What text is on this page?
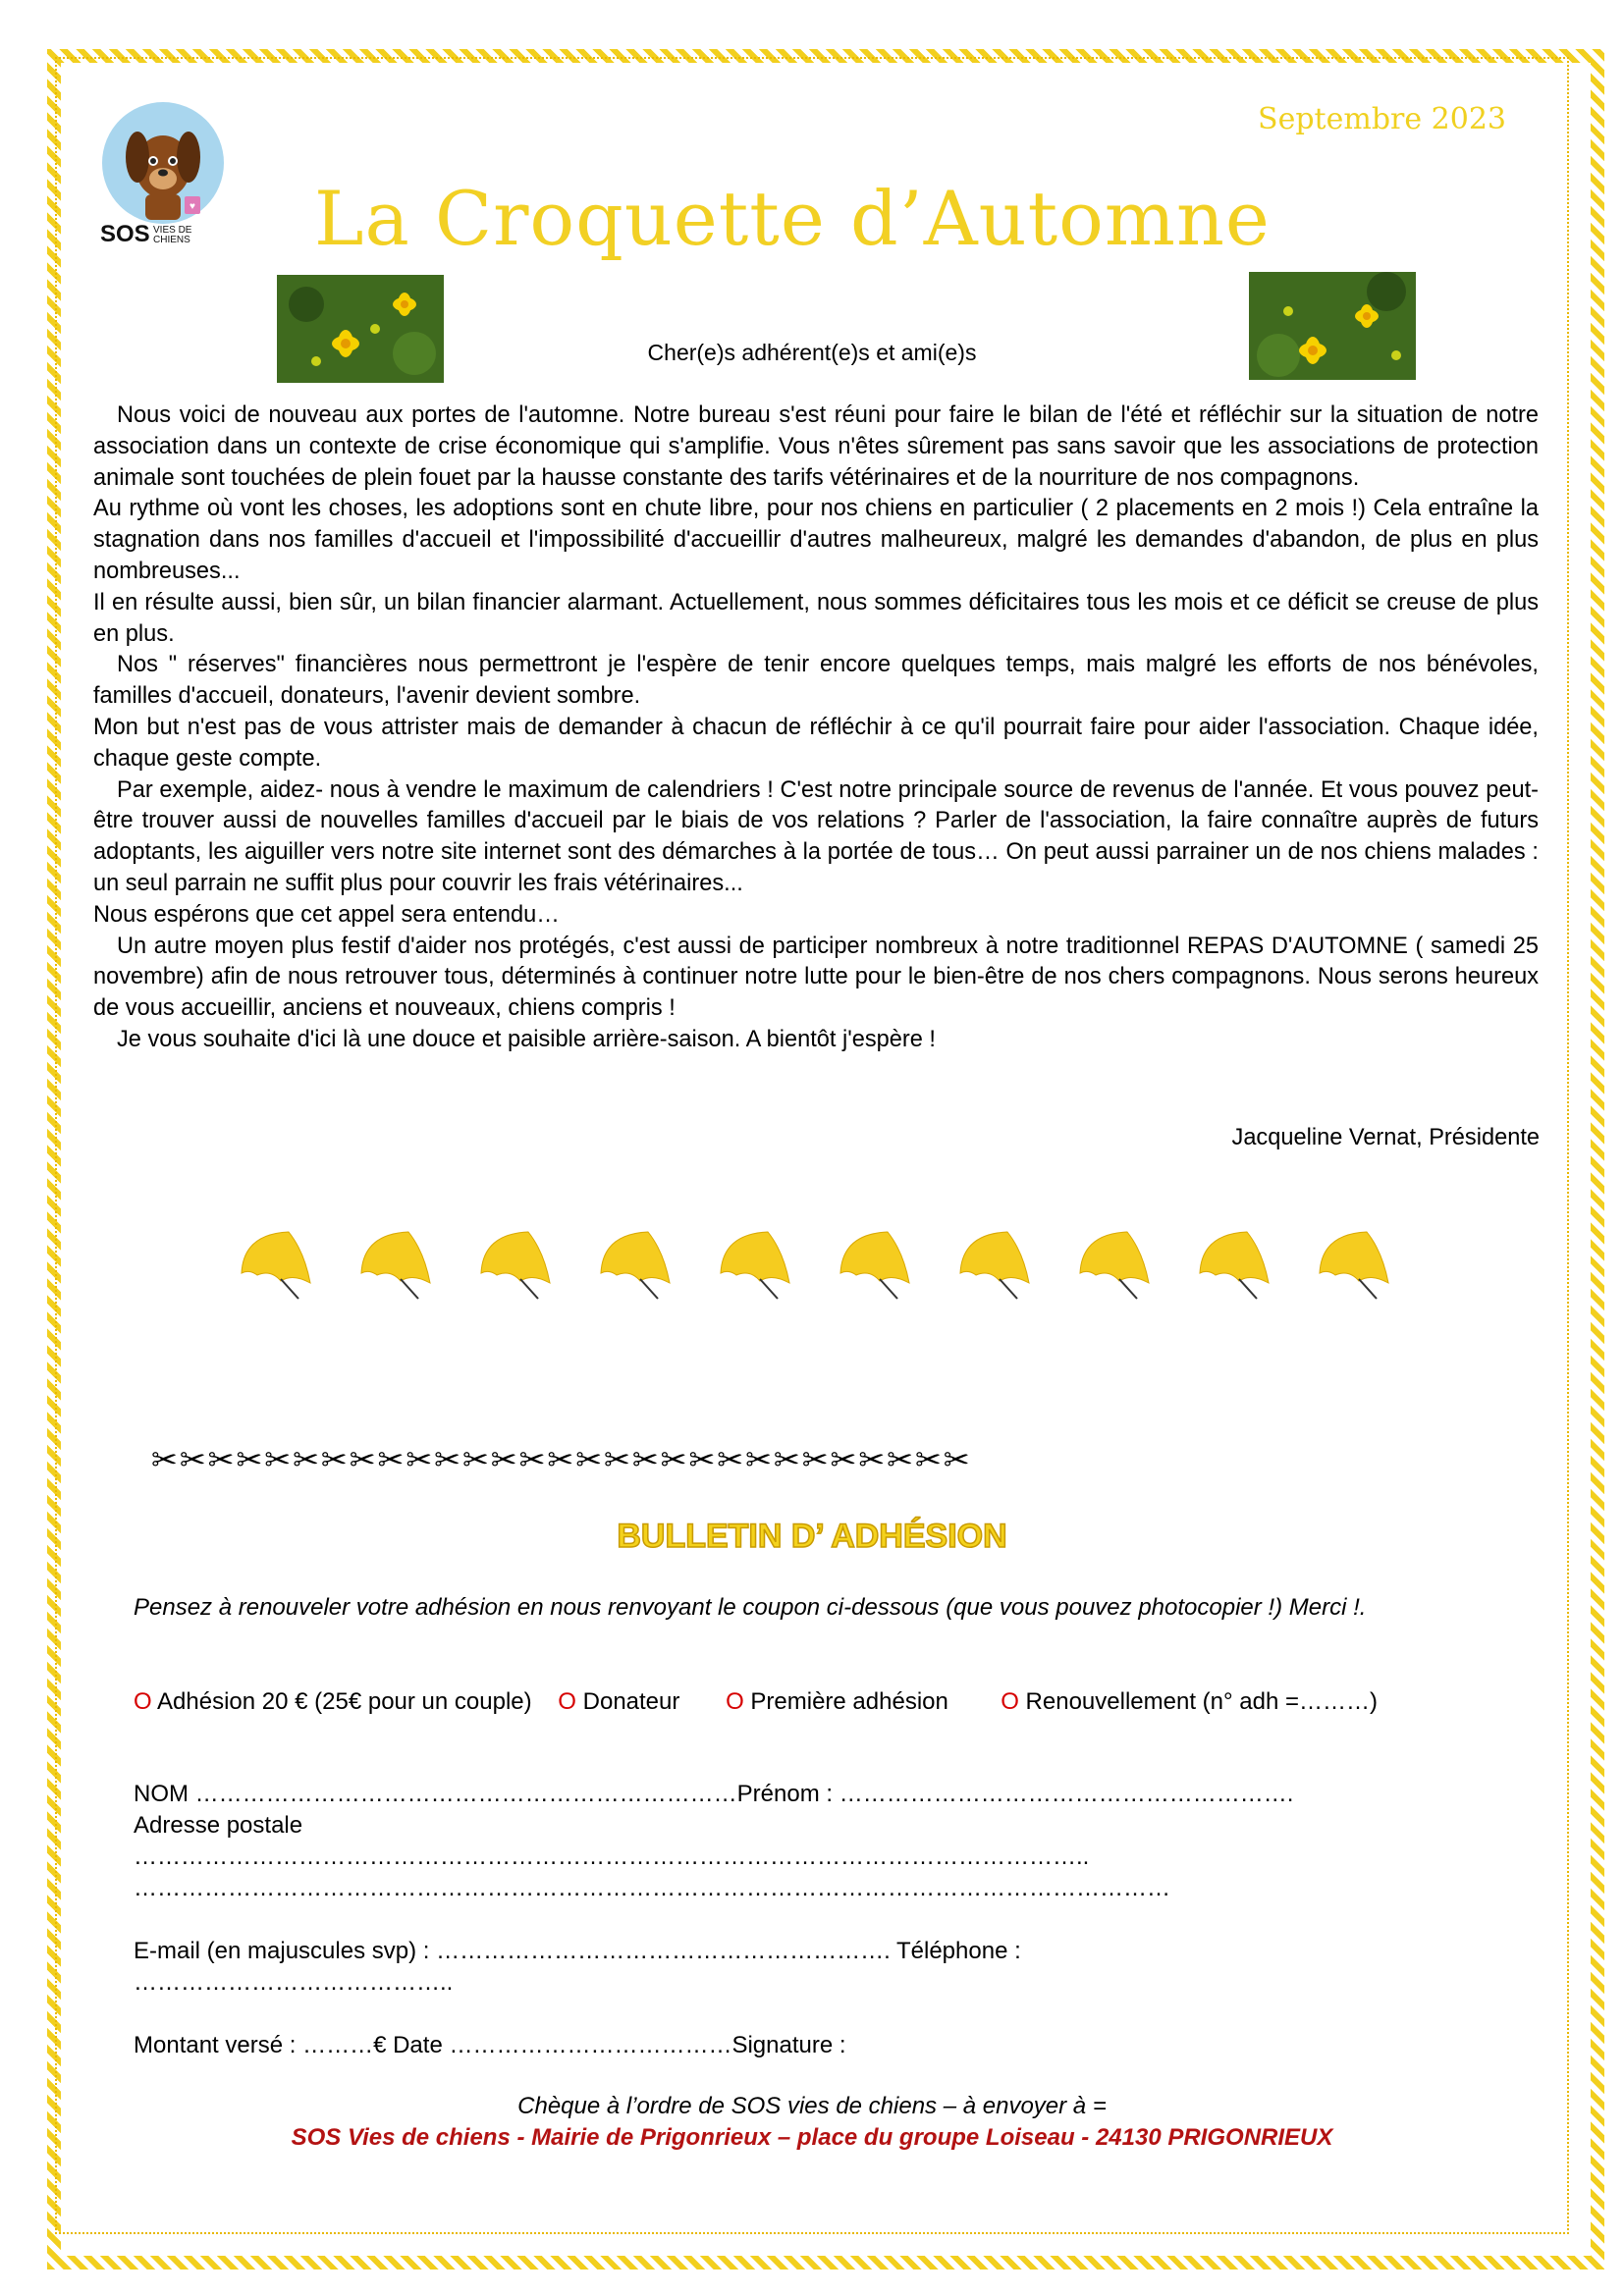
♥
SOS VIES DE
CHIENS
Septembre 2023
La Croquette d’Automne
Cher(e)s adhérent(e)s et ami(e)s

Nous voici de nouveau aux portes de l'automne. Notre bureau s'est réuni pour faire le bilan de l'été et réfléchir sur la situation de notre association dans un contexte de crise économique qui s'amplifie. Vous n'êtes sûrement pas sans savoir que les associations de protection animale sont touchées de plein fouet par la hausse constante des tarifs vétérinaires et de la nourriture de nos compagnons.

Au rythme où vont les choses, les adoptions sont en chute libre, pour nos chiens en particulier ( 2 placements en 2 mois !) Cela entraîne la stagnation dans nos familles d'accueil et l'impossibilité d'accueillir d'autres malheureux, malgré les demandes d'abandon, de plus en plus nombreuses...

Il en résulte aussi, bien sûr, un bilan financier alarmant. Actuellement, nous sommes déficitaires tous les mois et ce déficit se creuse de plus en plus.

Nos " réserves" financières nous permettront je l'espère de tenir encore quelques temps, mais malgré les efforts de nos bénévoles, familles d'accueil, donateurs, l'avenir devient sombre.

Mon but n'est pas de vous attrister mais de demander à chacun de réfléchir à ce qu'il pourrait faire pour aider l'association. Chaque idée, chaque geste compte.

Par exemple, aidez- nous à vendre le maximum de calendriers ! C'est notre principale source de revenus de l'année. Et vous pouvez peut-être trouver aussi de nouvelles familles d'accueil par le biais de vos relations ? Parler de l'association, la faire connaître auprès de futurs adoptants, les aiguiller vers notre site internet sont des démarches à la portée de tous… On peut aussi parrainer un de nos chiens malades : un seul parrain ne suffit plus pour couvrir les frais vétérinaires...

Nous espérons que cet appel sera entendu…

Un autre moyen plus festif d'aider nos protégés, c'est aussi de participer nombreux à notre traditionnel REPAS D'AUTOMNE ( samedi 25 novembre) afin de nous retrouver tous, déterminés à continuer notre lutte pour le bien-être de nos chers compagnons. Nous serons heureux de vous accueillir, anciens et nouveaux, chiens compris !

Je vous souhaite d'ici là une douce et paisible arrière-saison. A bientôt j'espère !

Jacqueline Vernat, Présidente
✂✂✂✂✂✂✂✂✂✂✂✂✂✂✂✂✂✂✂✂✂✂✂✂✂✂✂✂✂
BULLETIN D’ ADHÉSION
Pensez à renouveler votre adhésion en nous renvoyant le coupon ci-dessous (que vous pouvez photocopier !) Merci !.
O Adhésion 20 € (25€ pour un couple) O Donateur O Première adhésion O Renouvellement (n° adh =………)

NOM ……………………………………………………………Prénom : ………………………………………………….

Adresse postale

…………………………………………………………………………………………………………..

……………………………………………………………………………………………………………………

E-mail (en majuscules svp) : …………………………………………………. Téléphone :

…………………………………..

Montant versé : ………€ Date ………………………………Signature :

Chèque à l’ordre de SOS vies de chiens – à envoyer à =
SOS Vies de chiens - Mairie de Prigonrieux – place du groupe Loiseau - 24130 PRIGONRIEUX
